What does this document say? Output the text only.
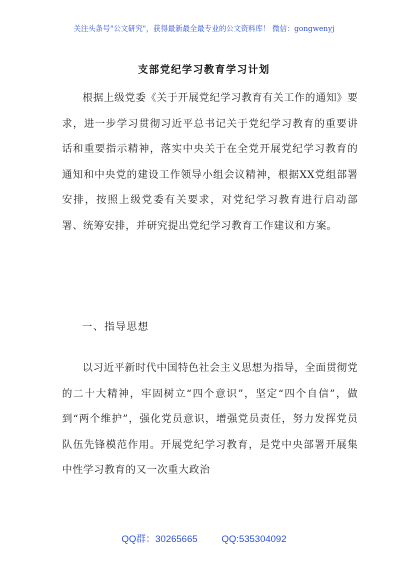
关注头条号"公文研究"，获得最新最全最专业的公文资料库！ 微信：gongwenyj
支部党纪学习教育学习计划
根据上级党委《关于开展党纪学习教育有关工作的通知》要求，进一步学习贯彻习近平总书记关于党纪学习教育的重要讲话和重要指示精神，落实中央关于在全党开展党纪学习教育的通知和中央党的建设工作领导小组会议精神，根据XX党组部署安排，按照上级党委有关要求，对党纪学习教育进行启动部署、统筹安排，并研究提出党纪学习教育工作建议和方案。
一、指导思想
以习近平新时代中国特色社会主义思想为指导，全面贯彻党的二十大精神，牢固树立“四个意识”，坚定“四个自信”，做到“两个维护”，强化党员意识，增强党员责任，努力发挥党员队伍先锋模范作用。开展党纪学习教育，是党中央部署开展集中性学习教育的又一次重大政治
QQ群：30265665	QQ:535304092
